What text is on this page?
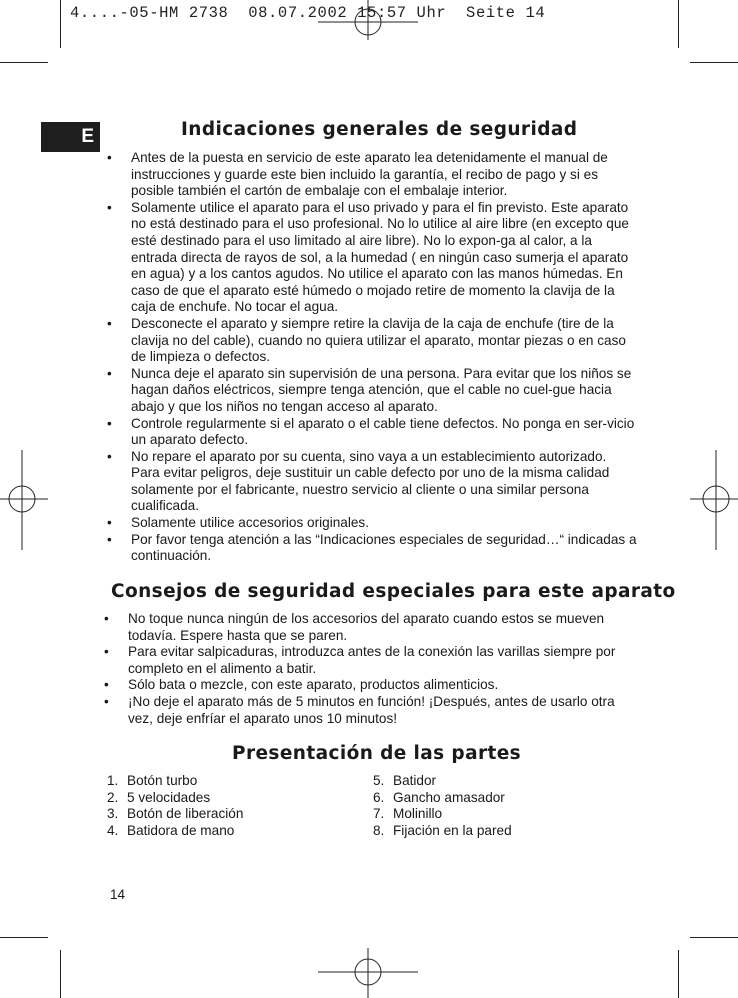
4....-05-HM 2738  08.07.2002 15:57 Uhr  Seite 14
E	Indicaciones generales de seguridad
• Antes de la puesta en servicio de este aparato lea detenidamente el manual de instrucciones y guarde este bien incluido la garantía, el recibo de pago y si es posible también el cartón de embalaje con el embalaje interior.
• Solamente utilice el aparato para el uso privado y para el fin previsto. Este aparato no está destinado para el uso profesional. No lo utilice al aire libre (en excepto que esté destinado para el uso limitado al aire libre). No lo expon-ga al calor, a la entrada directa de rayos de sol, a la humedad ( en ningún caso sumerja el aparato en agua) y a los cantos agudos. No utilice el aparato con las manos húmedas. En caso de que el aparato esté húmedo o mojado retire de momento la clavija de la caja de enchufe. No tocar el agua.
• Desconecte el aparato y siempre retire la clavija de la caja de enchufe (tire de la clavija no del cable), cuando no quiera utilizar el aparato, montar piezas o en caso de limpieza o defectos.
• Nunca deje el aparato sin supervisión de una persona. Para evitar que los niños se hagan daños eléctricos, siempre tenga atención, que el cable no cuel-gue hacia abajo y que los niños no tengan acceso al aparato.
• Controle regularmente si el aparato o el cable tiene defectos. No ponga en ser-vicio un aparato defecto.
• No repare el aparato por su cuenta, sino vaya a un establecimiento autorizado. Para evitar peligros, deje sustituir un cable defecto por uno de la misma calidad solamente por el fabricante, nuestro servicio al cliente o una similar persona cualificada.
• Solamente utilice accesorios originales.
• Por favor tenga atención a las “Indicaciones especiales de seguridad…“ indicadas a continuación.
Consejos de seguridad especiales para este aparato
• No toque nunca ningún de los accesorios del aparato cuando estos se mueven todavía. Espere hasta que se paren.
• Para evitar salpicaduras, introduzca antes de la conexión las varillas siempre por completo en el alimento a batir.
• Sólo bata o mezcle, con este aparato, productos alimenticios.
• ¡No deje el aparato más de 5 minutos en función! ¡Después, antes de usarlo otra vez, deje enfríar el aparato unos 10 minutos!
Presentación de las partes
1. Botón turbo
2. 5 velocidades
3. Botón de liberación
4. Batidora de mano
5. Batidor
6. Gancho amasador
7. Molinillo
8. Fijación en la pared
14
